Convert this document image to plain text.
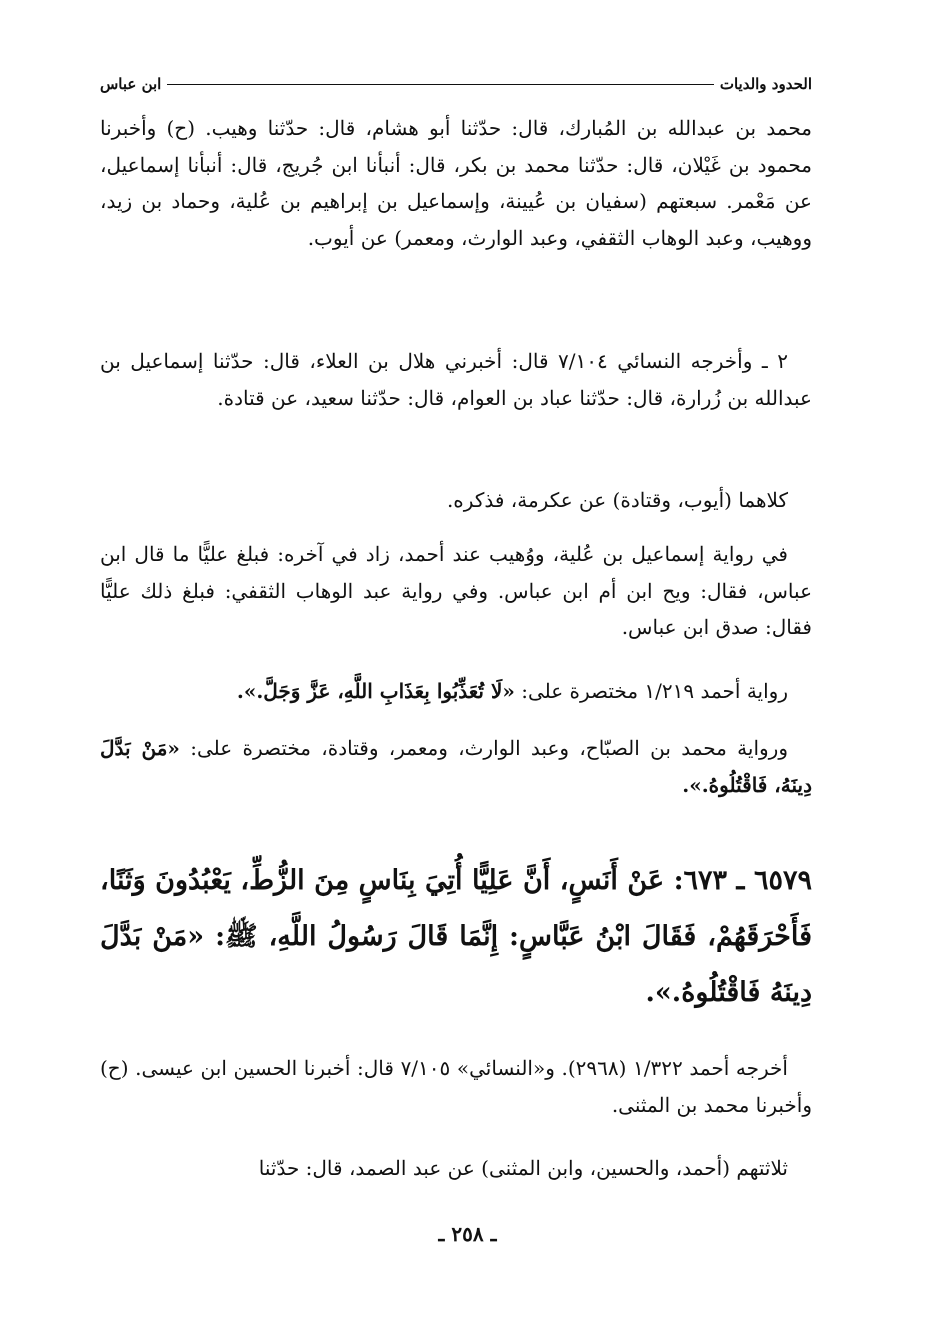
الحدود والديات
ابن عباس

محمد بن عبدالله بن المُبارك، قال: حدّثنا أبو هشام، قال: حدّثنا وهيب. (ح) وأخبرنا محمود بن غَيْلان، قال: حدّثنا محمد بن بكر، قال: أنبأنا ابن جُريج، قال: أنبأنا إسماعيل، عن مَعْمر. سبعتهم (سفيان بن عُيينة، وإسماعيل بن إبراهيم بن عُلية، وحماد بن زيد، ووهيب، وعبد الوهاب الثقفي، وعبد الوارث، ومعمر) عن أيوب.

٢ ـ وأخرجه النسائي ٧/١٠٤ قال: أخبرني هلال بن العلاء، قال: حدّثنا إسماعيل بن عبدالله بن زُرارة، قال: حدّثنا عباد بن العوام، قال: حدّثنا سعيد، عن قتادة.

كلاهما (أيوب، وقتادة) عن عكرمة، فذكره.

في رواية إسماعيل بن عُلية، ووُهيب عند أحمد، زاد في آخره: فبلغ عليًّا ما قال ابن عباس، فقال: ويح ابن أم ابن عباس. وفي رواية عبد الوهاب الثقفي: فبلغ ذلك عليًّا فقال: صدق ابن عباس.

رواية أحمد ١/٢١٩ مختصرة على: «لَا تُعَذِّبُوا بِعَذَابِ اللَّهِ، عَزَّ وَجَلَّ.».

ورواية محمد بن الصبّاح، وعبد الوارث، ومعمر، وقتادة، مختصرة على: «مَنْ بَدَّلَ دِينَهُ، فَاقْتُلُوهُ.».

٦٥٧٩ ـ ٦٧٣: عَنْ أَنَسٍ، أَنَّ عَلِيًّا أُتِيَ بِنَاسٍ مِنَ الزُّطِّ، يَعْبُدُونَ وَثَنًا، فَأَحْرَقَهُمْ، فَقَالَ ابْنُ عَبَّاسٍ: إِنَّمَا قَالَ رَسُولُ اللَّهِ، ﷺ: «مَنْ بَدَّلَ دِينَهُ فَاقْتُلُوهُ.».

أخرجه أحمد ١/٣٢٢ (٢٩٦٨). و«النسائي» ٧/١٠٥ قال: أخبرنا الحسين ابن عيسى. (ح) وأخبرنا محمد بن المثنى.

ثلاثتهم (أحمد، والحسين، وابن المثنى) عن عبد الصمد، قال: حدّثنا

ـ ٢٥٨ ـ
